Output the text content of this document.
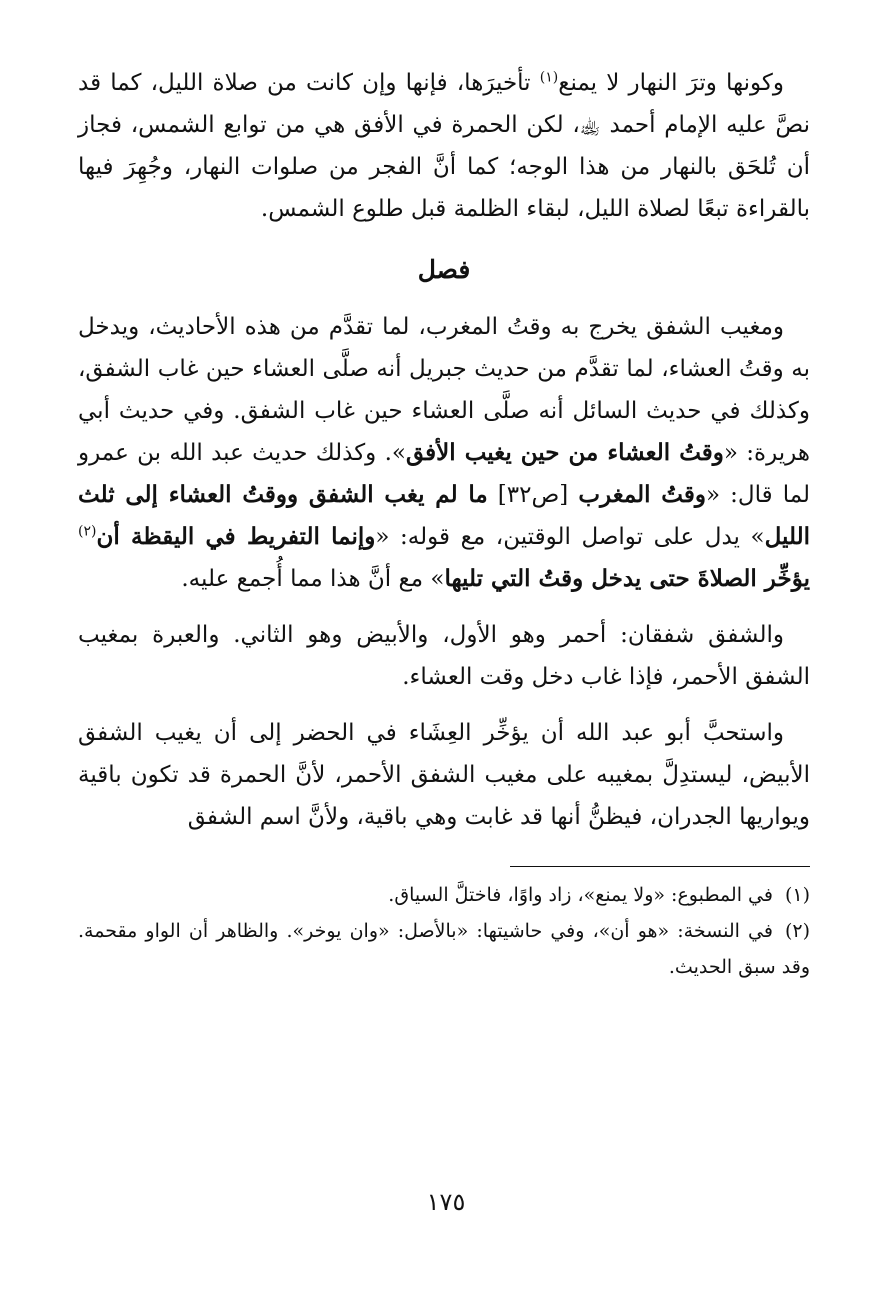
وكونها وترَ النهار لا يمنع$^{(١)}$ تأخيرَها، فإنها وإن كانت من صلاة الليل، كما قد نصَّ عليه الإمام أحمد ﵀، لكن الحمرة في الأفق هي من توابع الشمس، فجاز أن تُلحَق بالنهار من هذا الوجه؛ كما أنَّ الفجر من صلوات النهار، وجُهِرَ فيها بالقراءة تبعًا لصلاة الليل، لبقاء الظلمة قبل طلوع الشمس.

فصل

ومغيب الشفق يخرج به وقتُ المغرب، لما تقدَّم من هذه الأحاديث، ويدخل به وقتُ العشاء، لما تقدَّم من حديث جبريل أنه صلَّى العشاء حين غاب الشفق، وكذلك في حديث السائل أنه صلَّى العشاء حين غاب الشفق. وفي حديث أبي هريرة: «وقتُ العشاء من حين يغيب الأفق». وكذلك حديث عبد الله بن عمرو لما قال: «وقتُ المغرب [ص٣٢] ما لم يغب الشفق ووقتُ العشاء إلى ثلث الليل» يدل على تواصل الوقتين، مع قوله: «وإنما التفريط في اليقظة أن$^{(٢)}$ يؤخِّر الصلاةَ حتى يدخل وقتُ التي تليها» مع أنَّ هذا مما أُجمع عليه.

والشفق شفقان: أحمر وهو الأول، والأبيض وهو الثاني. والعبرة بمغيب الشفق الأحمر، فإذا غاب دخل وقت العشاء.

واستحبَّ أبو عبد الله أن يؤخِّر العِشَاء في الحضر إلى أن يغيب الشفق الأبيض، ليستدِلَّ بمغيبه على مغيب الشفق الأحمر، لأنَّ الحمرة قد تكون باقية ويواريها الجدران، فيظنُّ أنها قد غابت وهي باقية، ولأنَّ اسم الشفق

(١)في المطبوع: «ولا يمنع»، زاد واوًا، فاختلَّ السياق.

(٢)في النسخة: «هو أن»، وفي حاشيتها: «بالأصل: «وان يوخر». والظاهر أن الواو مقحمة. وقد سبق الحديث.

١٧٥
